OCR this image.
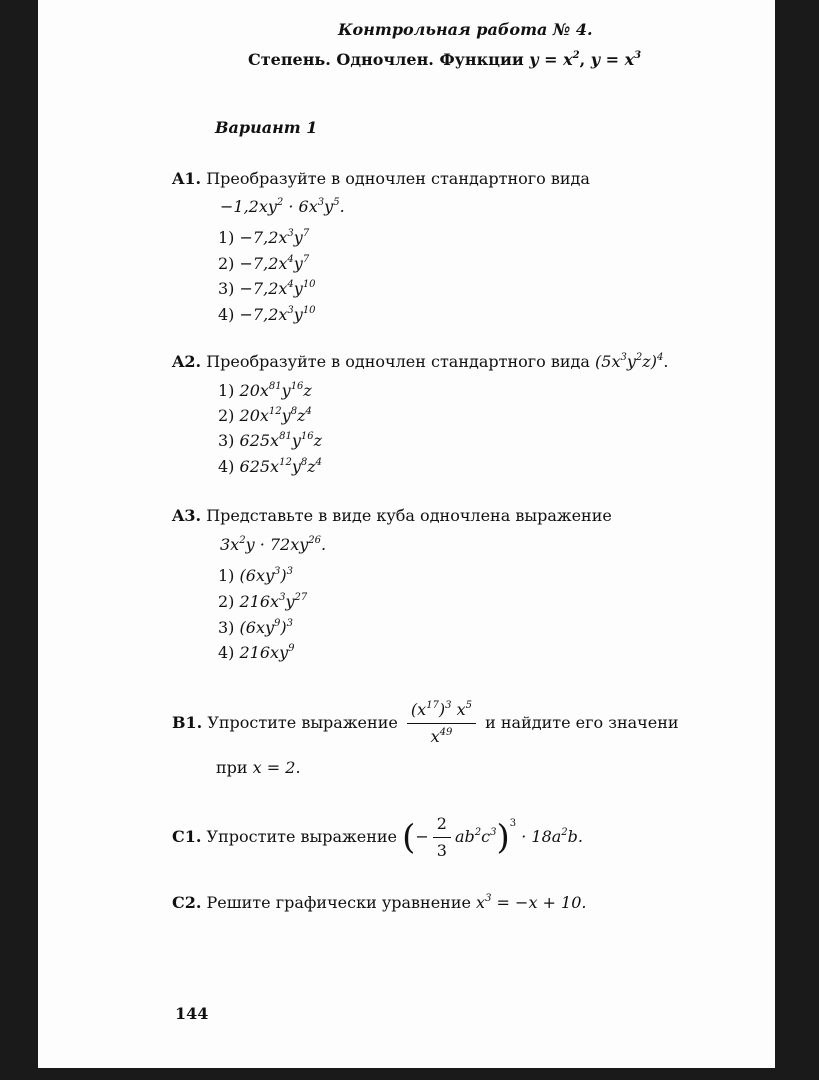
Контрольная работа № 4.
Степень. Одночлен. Функции $y = x^2$, $y = x^3$
Вариант 1
A1. Преобразуйте в одночлен стандартного вида
$-1,2xy^2 \cdot 6x^3y^5$.
$1) -7,2x^3y^7$
$2) -7,2x^4y^7$
$3) -7,2x^4y^{10}$
$4) -7,2x^3y^{10}$
A2. Преобразуйте в одночлен стандартного вида $(5x^3y^2z)^4$.
1) $20x^{81}y^{16}z$
2) $20x^{12}y^8z^4$
3) $625x^{81}y^{16}z$
4) $625x^{12}y^8z^4$
A3. Представьте в виде куба одночлена выражение
$3x^2y \cdot 72xy^{26}$.
1) $(6xy^3)^3$
2) $216x^3y^{27}$
3) $(6xy^9)^3$
4) $216xy^9$
B1. Упростите выражение $\frac{(x^{17})^3 x^5}{x^{49}}$ и найдите его значени
при x = 2.
C1. Упростите выражение (− $\frac{2}{3} ab^2c^3)^3 \cdot 18a^2b$.
C2. Решите графически уравнение $x^3 = -x + 10$.
144
